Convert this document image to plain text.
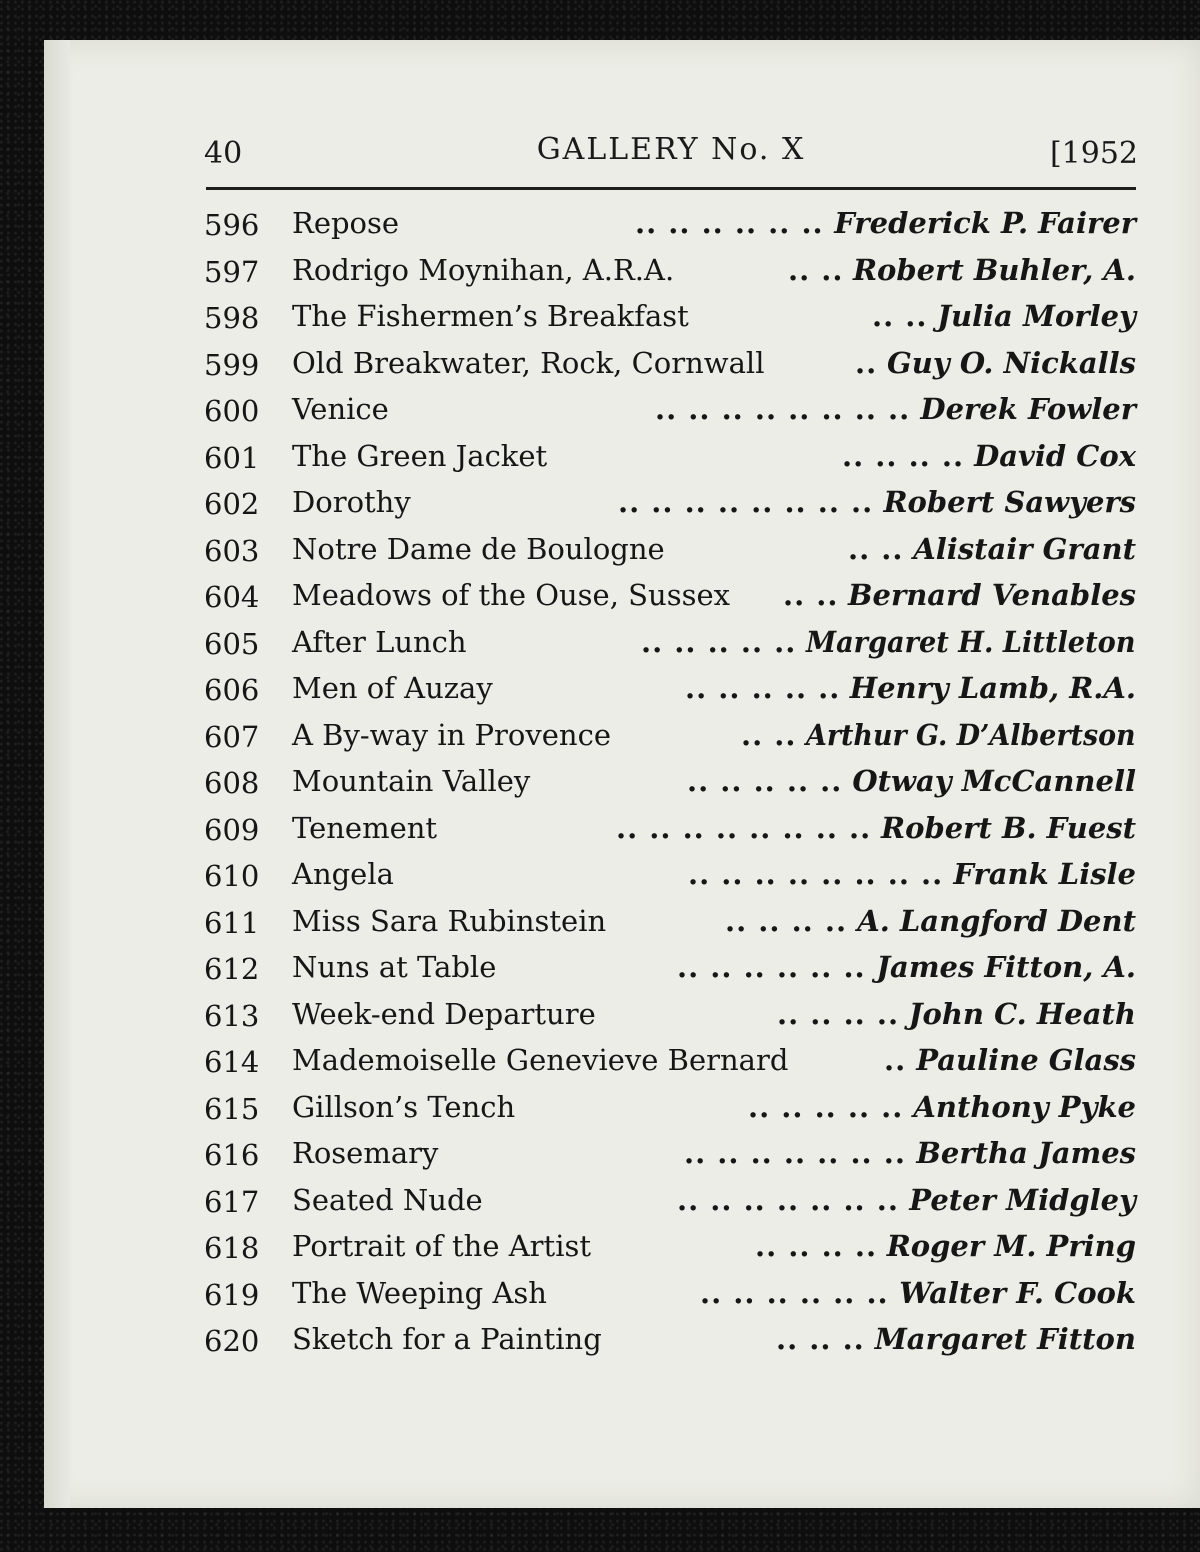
40	GALLERY No. X	[1952
596	Repose	.. .. .. .. .. .. Frederick P. Fairer
597	Rodrigo Moynihan, A.R.A.	.. .. Robert Buhler, A.
598	The Fishermen’s Breakfast	.. .. Julia Morley
599	Old Breakwater, Rock, Cornwall	.. Guy O. Nickalls
600	Venice	.. .. .. .. .. .. .. .. Derek Fowler
601	The Green Jacket	.. .. .. .. David Cox
602	Dorothy	.. .. .. .. .. .. .. .. Robert Sawyers
603	Notre Dame de Boulogne	.. .. Alistair Grant
604	Meadows of the Ouse, Sussex .. .. Bernard Venables
605	After Lunch	.. .. .. .. .. Margaret H. Littleton
606	Men of Auzay	.. .. .. .. .. Henry Lamb, R.A.
607	A By-way in Provence	.. .. Arthur G. D’Albertson
608	Mountain Valley	.. .. .. .. .. Otway McCannell
609	Tenement	.. .. .. .. .. .. .. .. Robert B. Fuest
610	Angela	.. .. .. .. .. .. .. .. Frank Lisle
611	Miss Sara Rubinstein	.. .. .. .. A. Langford Dent
612	Nuns at Table	.. .. .. .. .. .. James Fitton, A.
613	Week-end Departure	.. .. .. .. John C. Heath
614	Mademoiselle Genevieve Bernard	.. Pauline Glass
615	Gillson’s Tench	.. .. .. .. .. Anthony Pyke
616	Rosemary	.. .. .. .. .. .. .. Bertha James
617	Seated Nude	.. .. .. .. .. .. .. Peter Midgley
618	Portrait of the Artist	.. .. .. .. Roger M. Pring
619	The Weeping Ash	.. .. .. .. .. .. Walter F. Cook
620	Sketch for a Painting	.. .. .. Margaret Fitton
